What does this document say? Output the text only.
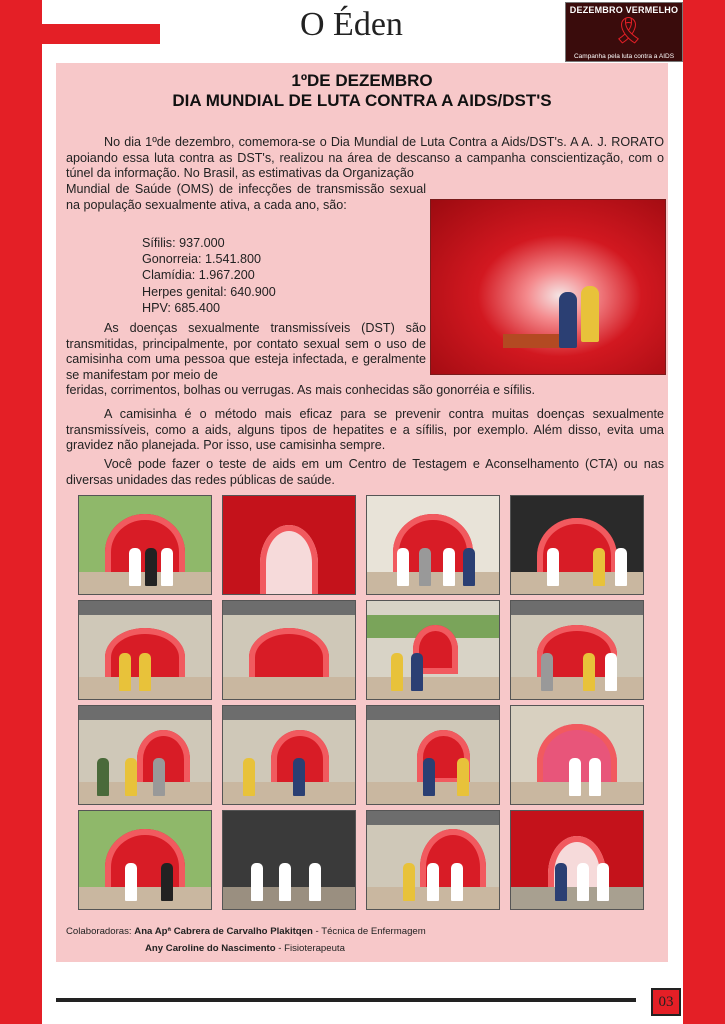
O Éden	DEZEMBRO VERMELHO
🎗
Campanha pela luta contra a AIDS
1ºDE DEZEMBRO
DIA MUNDIAL DE LUTA CONTRA A AIDS/DST'S

No dia 1ºde dezembro, comemora-se o Dia Mundial de Luta Contra a Aids/DST's. A A. J. RORATO apoiando essa luta contra as DST's, realizou na área de descanso a campanha conscientização, com o túnel da informação. No Brasil, as estimativas da Organização

Mundial de Saúde (OMS) de infecções de transmissão sexual na população sexualmente ativa, a cada ano, são:

Sífilis: 937.000
Gonorreia: 1.541.800
Clamídia: 1.967.200
Herpes genital: 640.900
HPV: 685.400

As doenças sexualmente transmissíveis (DST) são transmitidas, principalmente, por contato sexual sem o uso de camisinha com uma pessoa que esteja infectada, e geralmente se manifestam por meio de

feridas, corrimentos, bolhas ou verrugas. As mais conhecidas são gonorréia e sífilis.

A camisinha é o método mais eficaz para se prevenir contra muitas doenças sexualmente transmissíveis, como a aids, alguns tipos de hepatites e a sífilis, por exemplo. Além disso, evita uma gravidez não planejada. Por isso, use camisinha sempre.

Você pode fazer o teste de aids em um Centro de Testagem e Aconselhamento (CTA) ou nas diversas unidades das redes públicas de saúde.

Colaboradoras: Ana Apª Cabrera de Carvalho Plakitqen - Técnica de Enfermagem
Any Caroline do Nascimento - Fisioterapeuta
03
